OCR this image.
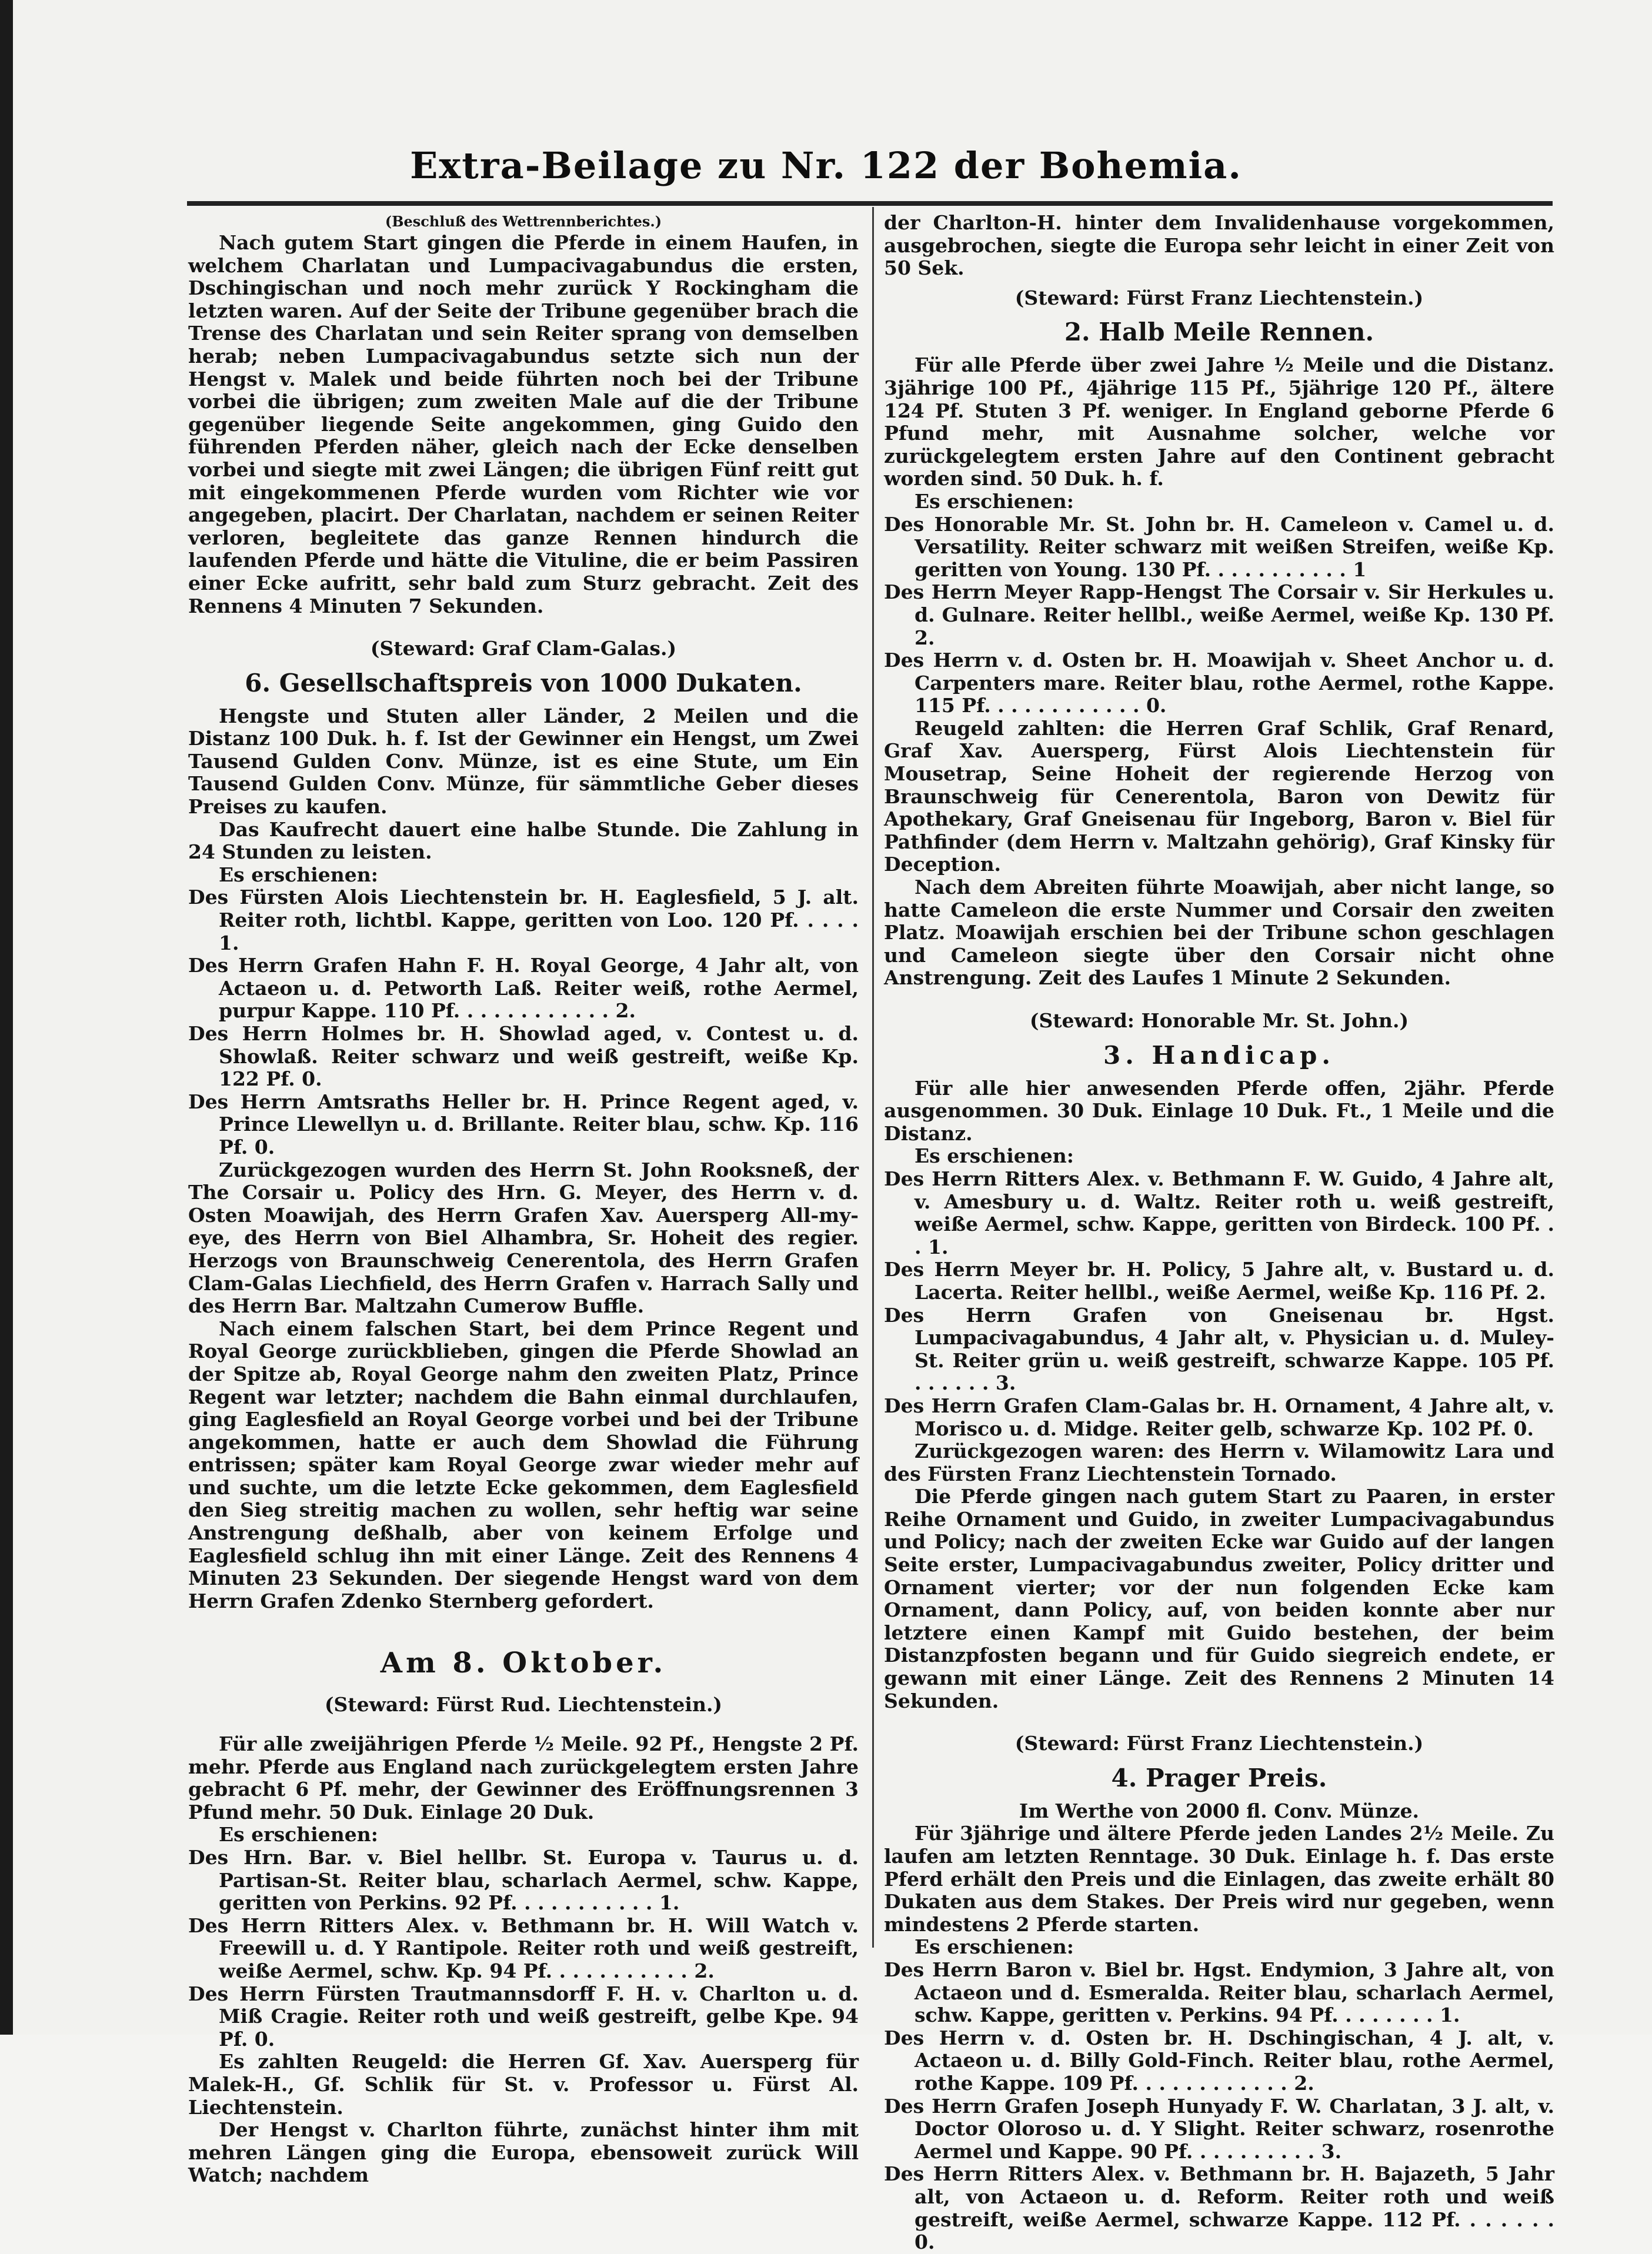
Extra-Beilage zu Nr. 122 der Bohemia.

(Beschluß des Wettrennberichtes.)

Nach gutem Start gingen die Pferde in einem Haufen, in welchem Charlatan und Lumpacivagabundus die ersten, Dschingischan und noch mehr zurück Y Rockingham die letzten waren. Auf der Seite der Tribune gegenüber brach die Trense des Charlatan und sein Reiter sprang von demselben herab; neben Lumpacivagabundus setzte sich nun der Hengst v. Malek und beide führten noch bei der Tribune vorbei die übrigen; zum zweiten Male auf die der Tribune gegenüber liegende Seite angekommen, ging Guido den führenden Pferden näher, gleich nach der Ecke denselben vorbei und siegte mit zwei Längen; die übrigen Fünf reitt gut mit eingekommenen Pferde wurden vom Richter wie vor angegeben, placirt. Der Charlatan, nachdem er seinen Reiter verloren, begleitete das ganze Rennen hindurch die laufenden Pferde und hätte die Vituline, die er beim Passiren einer Ecke aufritt, sehr bald zum Sturz gebracht. Zeit des Rennens 4 Minuten 7 Sekunden.

(Steward: Graf Clam-Galas.)

6. Gesellschaftspreis von 1000 Dukaten.

Hengste und Stuten aller Länder, 2 Meilen und die Distanz 100 Duk. h. f. Ist der Gewinner ein Hengst, um Zwei Tausend Gulden Conv. Münze, ist es eine Stute, um Ein Tausend Gulden Conv. Münze, für sämmtliche Geber dieses Preises zu kaufen.

Das Kaufrecht dauert eine halbe Stunde. Die Zahlung in 24 Stunden zu leisten.

Es erschienen:

Des Fürsten Alois Liechtenstein br. H. Eaglesfield, 5 J. alt. Reiter roth, lichtbl. Kappe, geritten von Loo. 120 Pf. . . . . 1.

Des Herrn Grafen Hahn F. H. Royal George, 4 Jahr alt, von Actaeon u. d. Petworth Laß. Reiter weiß, rothe Aermel, purpur Kappe. 110 Pf. . . . . . . . . . . . 2.

Des Herrn Holmes br. H. Showlad aged, v. Contest u. d. Showlaß. Reiter schwarz und weiß gestreift, weiße Kp. 122 Pf. 0.

Des Herrn Amtsraths Heller br. H. Prince Regent aged, v. Prince Llewellyn u. d. Brillante. Reiter blau, schw. Kp. 116 Pf. 0.

Zurückgezogen wurden des Herrn St. John Rooksneß, der The Corsair u. Policy des Hrn. G. Meyer, des Herrn v. d. Osten Moawijah, des Herrn Grafen Xav. Auersperg All-my-eye, des Herrn von Biel Alhambra, Sr. Hoheit des regier. Herzogs von Braunschweig Cenerentola, des Herrn Grafen Clam-Galas Liechfield, des Herrn Grafen v. Harrach Sally und des Herrn Bar. Maltzahn Cumerow Buffle.

Nach einem falschen Start, bei dem Prince Regent und Royal George zurückblieben, gingen die Pferde Showlad an der Spitze ab, Royal George nahm den zweiten Platz, Prince Regent war letzter; nachdem die Bahn einmal durchlaufen, ging Eaglesfield an Royal George vorbei und bei der Tribune angekommen, hatte er auch dem Showlad die Führung entrissen; später kam Royal George zwar wieder mehr auf und suchte, um die letzte Ecke gekommen, dem Eaglesfield den Sieg streitig machen zu wollen, sehr heftig war seine Anstrengung deßhalb, aber von keinem Erfolge und Eaglesfield schlug ihn mit einer Länge. Zeit des Rennens 4 Minuten 23 Sekunden. Der siegende Hengst ward von dem Herrn Grafen Zdenko Sternberg gefordert.

Am 8. Oktober.

(Steward: Fürst Rud. Liechtenstein.)

Für alle zweijährigen Pferde ½ Meile. 92 Pf., Hengste 2 Pf. mehr. Pferde aus England nach zurückgelegtem ersten Jahre gebracht 6 Pf. mehr, der Gewinner des Eröffnungsrennen 3 Pfund mehr. 50 Duk. Einlage 20 Duk.

Es erschienen:

Des Hrn. Bar. v. Biel hellbr. St. Europa v. Taurus u. d. Partisan-St. Reiter blau, scharlach Aermel, schw. Kappe, geritten von Perkins. 92 Pf. . . . . . . . . . . 1.

Des Herrn Ritters Alex. v. Bethmann br. H. Will Watch v. Freewill u. d. Y Rantipole. Reiter roth und weiß gestreift, weiße Aermel, schw. Kp. 94 Pf. . . . . . . . . . . 2.

Des Herrn Fürsten Trautmannsdorff F. H. v. Charlton u. d. Miß Cragie. Reiter roth und weiß gestreift, gelbe Kpe. 94 Pf. 0.

Es zahlten Reugeld: die Herren Gf. Xav. Auersperg für Malek-H., Gf. Schlik für St. v. Professor u. Fürst Al. Liechtenstein.

Der Hengst v. Charlton führte, zunächst hinter ihm mit mehren Längen ging die Europa, ebensoweit zurück Will Watch; nachdem

der Charlton-H. hinter dem Invalidenhause vorgekommen, ausgebrochen, siegte die Europa sehr leicht in einer Zeit von 50 Sek.

(Steward: Fürst Franz Liechtenstein.)

2. Halb Meile Rennen.

Für alle Pferde über zwei Jahre ½ Meile und die Distanz. 3jährige 100 Pf., 4jährige 115 Pf., 5jährige 120 Pf., ältere 124 Pf. Stuten 3 Pf. weniger. In England geborne Pferde 6 Pfund mehr, mit Ausnahme solcher, welche vor zurückgelegtem ersten Jahre auf den Continent gebracht worden sind. 50 Duk. h. f.

Es erschienen:

Des Honorable Mr. St. John br. H. Cameleon v. Camel u. d. Versatility. Reiter schwarz mit weißen Streifen, weiße Kp. geritten von Young. 130 Pf. . . . . . . . . . . 1

Des Herrn Meyer Rapp-Hengst The Corsair v. Sir Herkules u. d. Gulnare. Reiter hellbl., weiße Aermel, weiße Kp. 130 Pf. 2.

Des Herrn v. d. Osten br. H. Moawijah v. Sheet Anchor u. d. Carpenters mare. Reiter blau, rothe Aermel, rothe Kappe. 115 Pf. . . . . . . . . . . . 0.

Reugeld zahlten: die Herren Graf Schlik, Graf Renard, Graf Xav. Auersperg, Fürst Alois Liechtenstein für Mousetrap, Seine Hoheit der regierende Herzog von Braunschweig für Cenerentola, Baron von Dewitz für Apothekary, Graf Gneisenau für Ingeborg, Baron v. Biel für Pathfinder (dem Herrn v. Maltzahn gehörig), Graf Kinsky für Deception.

Nach dem Abreiten führte Moawijah, aber nicht lange, so hatte Cameleon die erste Nummer und Corsair den zweiten Platz. Moawijah erschien bei der Tribune schon geschlagen und Cameleon siegte über den Corsair nicht ohne Anstrengung. Zeit des Laufes 1 Minute 2 Sekunden.

(Steward: Honorable Mr. St. John.)

3. Handicap.

Für alle hier anwesenden Pferde offen, 2jähr. Pferde ausgenommen. 30 Duk. Einlage 10 Duk. Ft., 1 Meile und die Distanz.

Es erschienen:

Des Herrn Ritters Alex. v. Bethmann F. W. Guido, 4 Jahre alt, v. Amesbury u. d. Waltz. Reiter roth u. weiß gestreift, weiße Aermel, schw. Kappe, geritten von Birdeck. 100 Pf. . . 1.

Des Herrn Meyer br. H. Policy, 5 Jahre alt, v. Bustard u. d. Lacerta. Reiter hellbl., weiße Aermel, weiße Kp. 116 Pf. 2.

Des Herrn Grafen von Gneisenau br. Hgst. Lumpacivagabundus, 4 Jahr alt, v. Physician u. d. Muley-St. Reiter grün u. weiß gestreift, schwarze Kappe. 105 Pf. . . . . . . 3.

Des Herrn Grafen Clam-Galas br. H. Ornament, 4 Jahre alt, v. Morisco u. d. Midge. Reiter gelb, schwarze Kp. 102 Pf. 0.

Zurückgezogen waren: des Herrn v. Wilamowitz Lara und des Fürsten Franz Liechtenstein Tornado.

Die Pferde gingen nach gutem Start zu Paaren, in erster Reihe Ornament und Guido, in zweiter Lumpacivagabundus und Policy; nach der zweiten Ecke war Guido auf der langen Seite erster, Lumpacivagabundus zweiter, Policy dritter und Ornament vierter; vor der nun folgenden Ecke kam Ornament, dann Policy, auf, von beiden konnte aber nur letztere einen Kampf mit Guido bestehen, der beim Distanzpfosten begann und für Guido siegreich endete, er gewann mit einer Länge. Zeit des Rennens 2 Minuten 14 Sekunden.

(Steward: Fürst Franz Liechtenstein.)

4. Prager Preis.

Im Werthe von 2000 fl. Conv. Münze.

Für 3jährige und ältere Pferde jeden Landes 2½ Meile. Zu laufen am letzten Renntage. 30 Duk. Einlage h. f. Das erste Pferd erhält den Preis und die Einlagen, das zweite erhält 80 Dukaten aus dem Stakes. Der Preis wird nur gegeben, wenn mindestens 2 Pferde starten.

Es erschienen:

Des Herrn Baron v. Biel br. Hgst. Endymion, 3 Jahre alt, von Actaeon und d. Esmeralda. Reiter blau, scharlach Aermel, schw. Kappe, geritten v. Perkins. 94 Pf. . . . . . . . 1.

Des Herrn v. d. Osten br. H. Dschingischan, 4 J. alt, v. Actaeon u. d. Billy Gold-Finch. Reiter blau, rothe Aermel, rothe Kappe. 109 Pf. . . . . . . . . . . . 2.

Des Herrn Grafen Joseph Hunyady F. W. Charlatan, 3 J. alt, v. Doctor Oloroso u. d. Y Slight. Reiter schwarz, rosenrothe Aermel und Kappe. 90 Pf. . . . . . . . . . 3.

Des Herrn Ritters Alex. v. Bethmann br. H. Bajazeth, 5 Jahr alt, von Actaeon u. d. Reform. Reiter roth und weiß gestreift, weiße Aermel, schwarze Kappe. 112 Pf. . . . . . . 0.
